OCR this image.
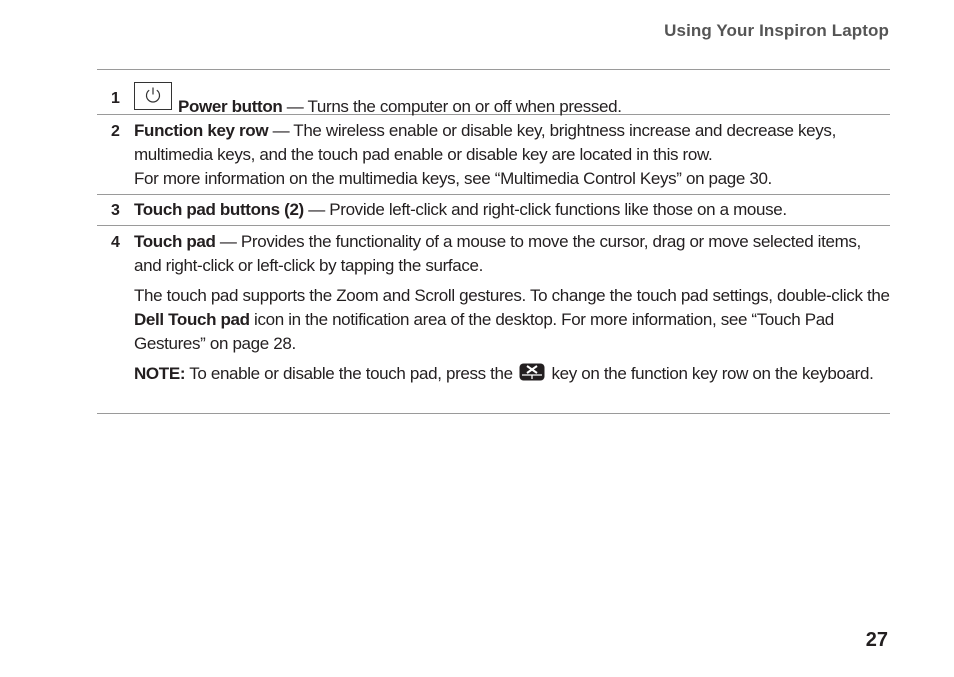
Using Your Inspiron Laptop
1	Power button — Turns the computer on or off when pressed.
2 Function key row — The wireless enable or disable key, brightness increase and decrease keys, multimedia keys, and the touch pad enable or disable key are located in this row.

For more information on the multimedia keys, see “Multimedia Control Keys” on page 30.

3 Touch pad buttons (2) — Provide left-click and right-click functions like those on a mouse.
4 Touch pad — Provides the functionality of a mouse to move the cursor, drag or move selected items, and right-click or left-click by tapping the surface.

The touch pad supports the Zoom and Scroll gestures. To change the touch pad settings, double-click the Dell Touch pad icon in the notification area of the desktop. For more information, see “Touch Pad Gestures” on page 28.

NOTE: To enable or disable the touch pad, press the  key on the function key row on the keyboard.

27
